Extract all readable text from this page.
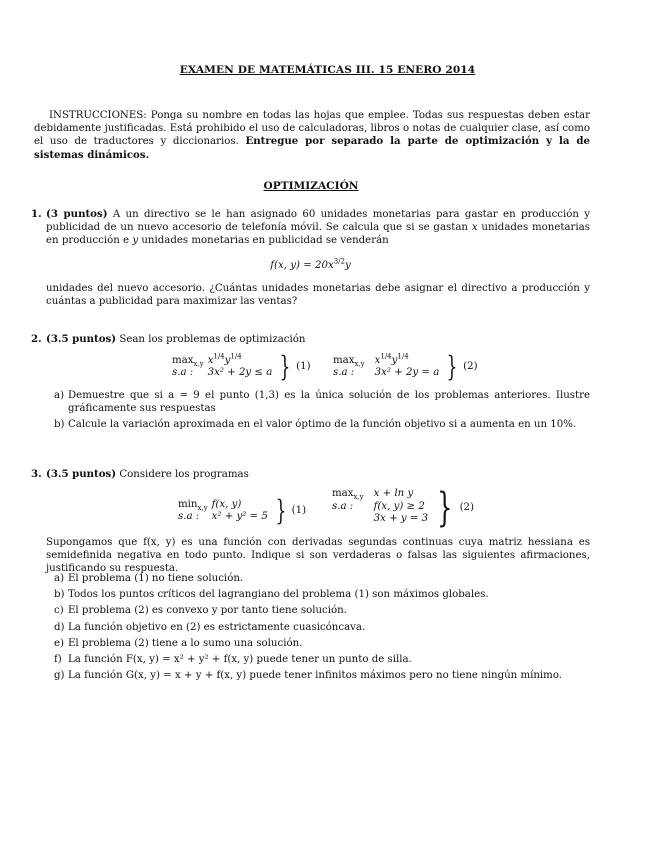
EXAMEN DE MATEMÁTICAS III. 15 ENERO 2014
INSTRUCCIONES: Ponga su nombre en todas las hojas que emplee. Todas sus respuestas deben estar debidamente justificadas. Está prohibido el uso de calculadoras, libros o notas de cualquier clase, así como el uso de traductores y diccionarios. Entregue por separado la parte de optimización y la de sistemas dinámicos.
OPTIMIZACIÓN
1. (3 puntos) A un directivo se le han asignado 60 unidades monetarias para gastar en producción y publicidad de un nuevo accesorio de telefonía móvil. Se calcula que si se gastan x unidades monetarias en producción e y unidades monetarias en publicidad se venderán
f(x, $y) = 20x^{3/2}y$
unidades del nuevo accesorio. ¿Cuántas unidades monetarias debe asignar el directivo a producción y cuántas a publicidad para maximizar las ventas?
2. (3.5 puntos) Sean los problemas de optimización
$\max_{x,y}$
s.a :

$x^{1/4}y^{1/4}$
3x² + 2y ≤ a	}	(1)
$\max_{x,y}$
s.a :

$x^{1/4}y^{1/4}$
3x² + 2y = a	}	(2)
a) Demuestre que si a = 9 el punto (1,3) es la única solución de los problemas anteriores. Ilustre gráficamente sus respuestas
b) Calcule la variación aproximada en el valor óptimo de la función objetivo si a aumenta en un 10%.
3. (3.5 puntos) Considere los programas
$\min_{x,y}$
s.a :

f(x, y)
x² + y² = 5	}	(1)
$\max_{x,y}$
s.a :

x + ln y
f(x, y) ≥ 2
3x + y = 3	}	(2)
Supongamos que f(x, y) es una función con derivadas segundas continuas cuya matriz hessiana es semidefinida negativa en todo punto. Indique si son verdaderas o falsas las siguientes afirmaciones, justificando su respuesta.
a) El problema (1) no tiene solución.
b) Todos los puntos críticos del lagrangiano del problema (1) son máximos globales.
c) El problema (2) es convexo y por tanto tiene solución.
d) La función objetivo en (2) es estrictamente cuasicóncava.
e) El problema (2) tiene a lo sumo una solución.
f) La función F(x, y) = x² + y² + f(x, y) puede tener un punto de silla.
g) La función G(x, y) = x + y + f(x, y) puede tener infinitos máximos pero no tiene ningún mínimo.
